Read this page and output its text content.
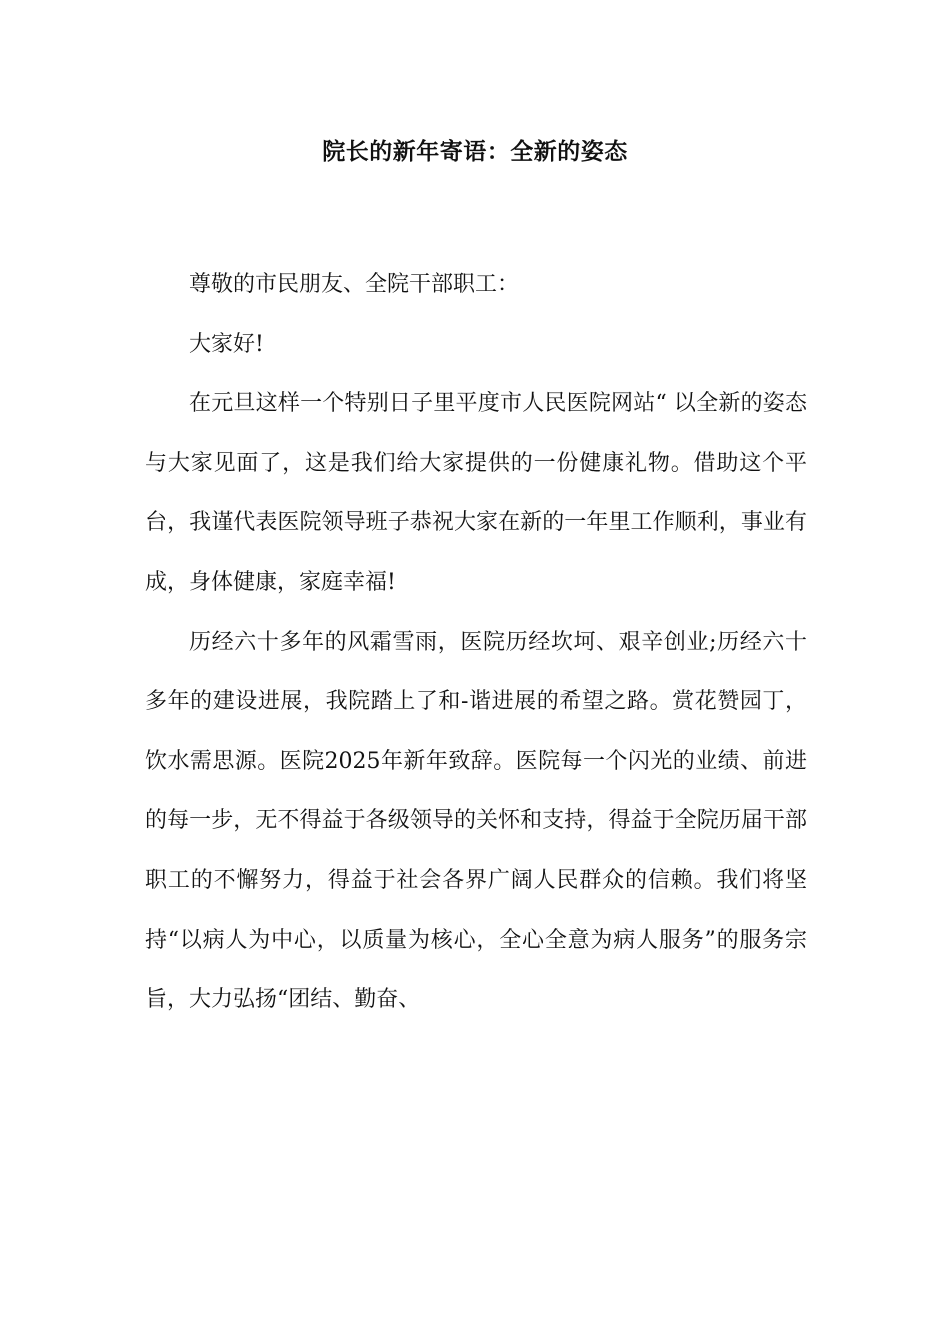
院长的新年寄语：全新的姿态

尊敬的市民朋友、全院干部职工：

大家好!

在元旦这样一个特别日子里平度市人民医院网站“ 以全新的姿态与大家见面了，这是我们给大家提供的一份健康礼物。借助这个平台，我谨代表医院领导班子恭祝大家在新的一年里工作顺利，事业有成，身体健康，家庭幸福!

历经六十多年的风霜雪雨，医院历经坎坷、艰辛创业;历经六十多年的建设进展，我院踏上了和-谐进展的希望之路。赏花赞园丁，饮水需思源。医院2025年新年致辞。医院每一个闪光的业绩、前进的每一步，无不得益于各级领导的关怀和支持，得益于全院历届干部职工的不懈努力，得益于社会各界广阔人民群众的信赖。我们将坚持“以病人为中心，以质量为核心，全心全意为病人服务”的服务宗旨，大力弘扬“团结、勤奋、
